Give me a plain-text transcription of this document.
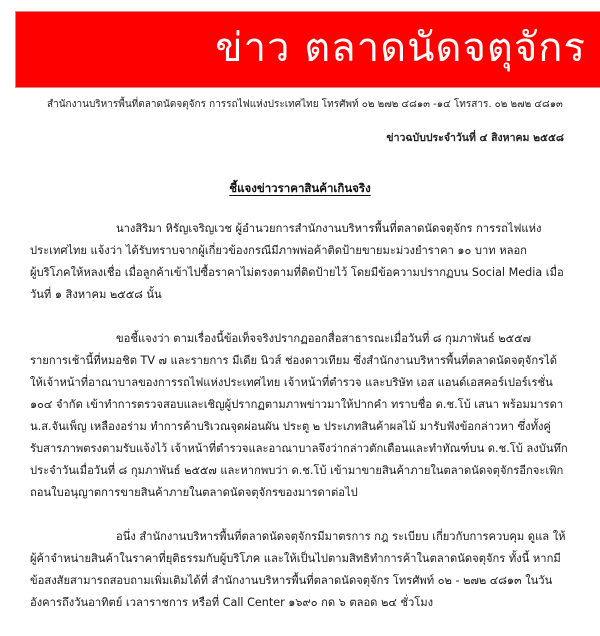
ข่าว ตลาดนัดจตุจักร
สำนักงานบริหารพื้นที่ตลาดนัดจตุจักร การรถไฟแห่งประเทศไทย โทรศัพท์ ๐๒ ๒๗๒ ๔๘๑๓ -๑๔ โทรสาร. ๐๒ ๒๗๒ ๔๘๑๓
ข่าวฉบับประจำวันที่ ๔ สิงหาคม ๒๕๕๘
ชี้แจงข่าวราคาสินค้าเกินจริง
นางสิริมา หิรัญเจริญเวช ผู้อำนวยการสำนักงานบริหารพื้นที่ตลาดนัดจตุจักร การรถไฟแห่ง
ประเทศไทย แจ้งว่า ได้รับทราบจากผู้เกี่ยวข้องกรณีมีภาพพ่อค้าติดป้ายขายมะม่วงยำราคา ๑๐ บาท หลอก
ผู้บริโภคให้หลงเชื่อ เมื่อลูกค้าเข้าไปซื้อราคาไม่ตรงตามที่ติดป้ายไว้ โดยมีข้อความปรากฏบน Social Media เมื่อ
วันที่ ๑ สิงหาคม ๒๕๕๘ นั้น
ขอชี้แจงว่า ตามเรื่องนี้ข้อเท็จจริงปรากฏออกสื่อสาธารณะเมื่อวันที่ ๘ กุมภาพันธ์ ๒๕๕๗
รายการเช้านี้ที่หมอชิต TV ๗ และรายการ มีเดีย นิวส์ ช่องดาวเทียม ซึ่งสำนักงานบริหารพื้นที่ตลาดนัดจตุจักรได้
ให้เจ้าหน้าที่อาณาบาลของการรถไฟแห่งประเทศไทย เจ้าหน้าที่ตำรวจ และบริษัท เอส แอนด์เอสคอร์เปอร์เรชั่น
๑๐๔ จำกัด เข้าทำการตรวจสอบและเชิญผู้ปรากฏตามภาพข่าวมาให้ปากคำ ทราบชื่อ ด.ช.โบ้ เสนา พร้อมมารดา
น.ส.จันเพ็ญ เหลืองอร่าม ทำการค้าบริเวณจุดผ่อนผัน ประตู ๒ ประเภทสินค้าผลไม้ มารับฟังข้อกล่าวหา ซึ่งทั้งคู่
รับสารภาพตรงตามรับแจ้งไว้ เจ้าหน้าที่ตำรวจและอาณาบาลจึงว่ากล่าวตักเตือนและทำทัณฑ์บน ด.ช.โบ้ ลงบันทึก
ประจำวันเมื่อวันที่ ๘ กุมภาพันธ์ ๒๕๕๗ และหากพบว่า ด.ช.โบ้ เข้ามาขายสินค้าภายในตลาดนัดจตุจักรอีกจะเพิก
ถอนใบอนุญาตการขายสินค้าภายในตลาดนัดจตุจักรของมารดาต่อไป
อนึ่ง สำนักงานบริหารพื้นที่ตลาดนัดจตุจักรมีมาตรการ กฎ ระเบียบ เกี่ยวกับการควบคุม ดูแล ให้
ผู้ค้าจำหน่ายสินค้าในราคาที่ยุติธรรมกับผู้บริโภค และให้เป็นไปตามสิทธิทำการค้าในตลาดนัดจตุจักร ทั้งนี้ หากมี
ข้อสงสัยสามารถสอบถามเพิ่มเติมได้ที่ สำนักงานบริหารพื้นที่ตลาดนัดจตุจักร โทรศัพท์ ๐๒ - ๒๗๒ ๔๘๑๓ ในวัน
อังคารถึงวันอาทิตย์ เวลาราชการ หรือที่ Call Center ๑๖๙๐ กด ๖ ตลอด ๒๔ ชั่วโมง
